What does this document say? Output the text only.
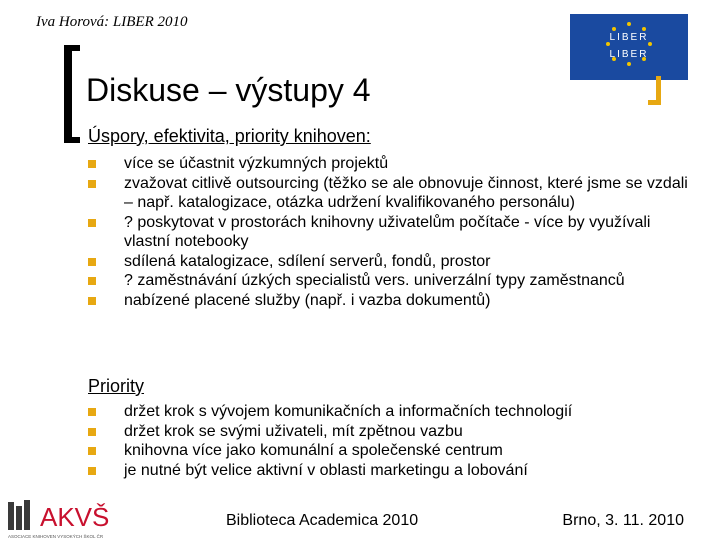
Iva Horová: LIBER 2010
LIBER
LIBER
Diskuse – výstupy 4
Úspory, efektivita, priority knihoven:
více se účastnit výzkumných projektů
zvažovat citlivě outsourcing (těžko se ale obnovuje činnost, které jsme se vzdali – např. katalogizace, otázka udržení kvalifikovaného personálu)
? poskytovat v prostorách knihovny uživatelům počítače - více by využívali vlastní notebooky
sdílená katalogizace, sdílení serverů, fondů, prostor
? zaměstnávání úzkých specialistů vers. univerzální typy zaměstnanců
nabízené placené služby (např. i vazba dokumentů)
Priority
držet krok s vývojem komunikačních a informačních technologií
držet krok se svými uživateli, mít zpětnou vazbu
knihovna více jako komunální a společenské centrum
je nutné být velice aktivní v oblasti marketingu a lobování
AKVŠ
ASOCIACE KNIHOVEN VYSOKÝCH ŠKOL ČR
Biblioteca Academica 2010	Brno, 3. 11. 2010
